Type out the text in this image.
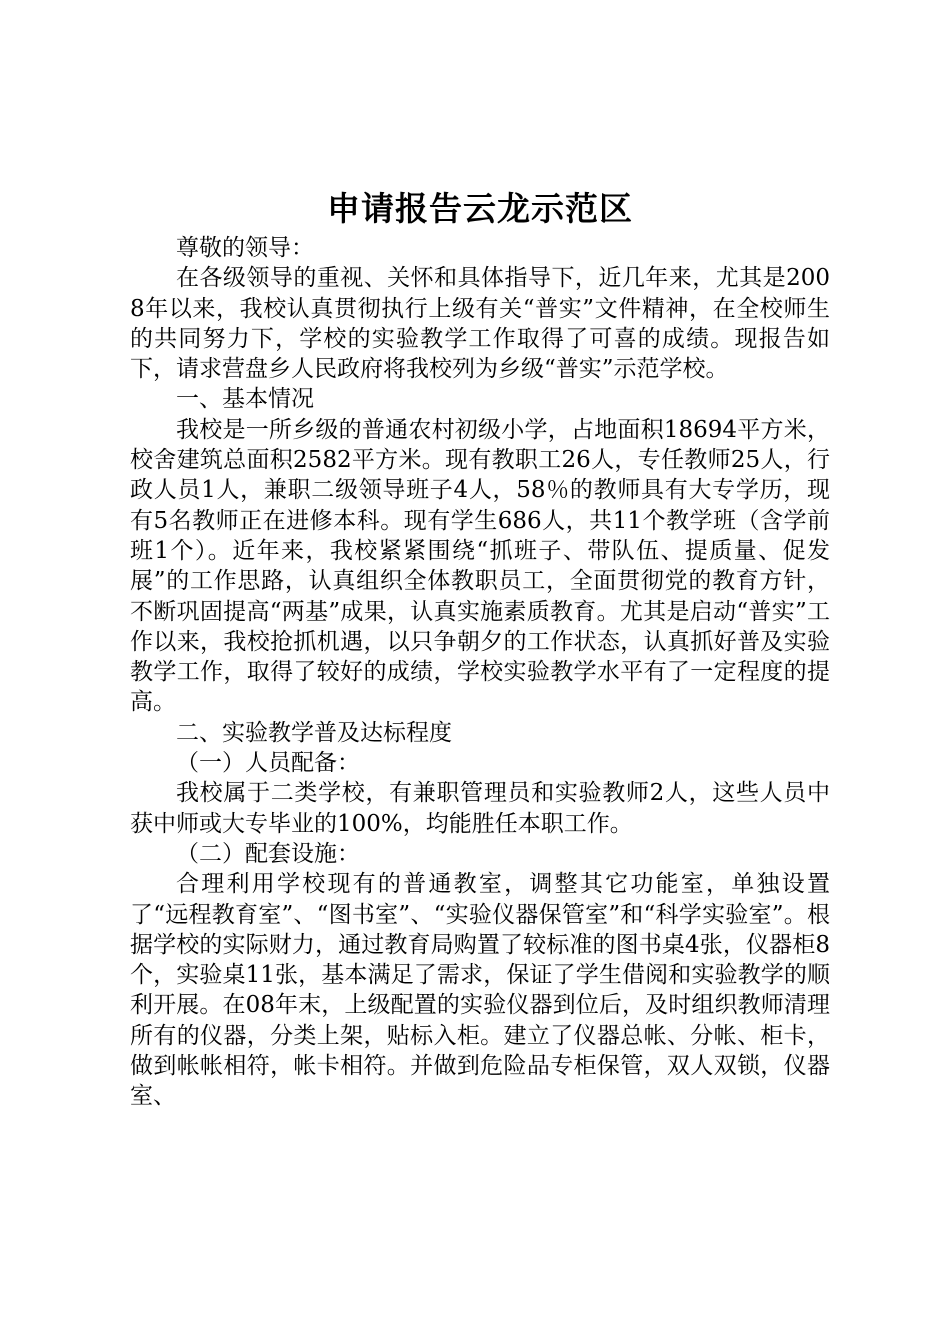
申请报告云龙示范区

尊敬的领导：

在各级领导的重视、关怀和具体指导下，近几年来，尤其是2008年以来，我校认真贯彻执行上级有关“普实”文件精神，在全校师生的共同努力下，学校的实验教学工作取得了可喜的成绩。现报告如下，请求营盘乡人民政府将我校列为乡级“普实”示范学校。

一、基本情况

我校是一所乡级的普通农村初级小学，占地面积18694平方米，校舍建筑总面积2582平方米。现有教职工26人，专任教师25人，行政人员1人，兼职二级领导班子4人，58％的教师具有大专学历，现有5名教师正在进修本科。现有学生686人，共11个教学班（含学前班1个）。近年来，我校紧紧围绕“抓班子、带队伍、提质量、促发展”的工作思路，认真组织全体教职员工，全面贯彻党的教育方针，不断巩固提高“两基”成果，认真实施素质教育。尤其是启动“普实”工作以来，我校抢抓机遇，以只争朝夕的工作状态，认真抓好普及实验教学工作，取得了较好的成绩，学校实验教学水平有了一定程度的提高。

二、实验教学普及达标程度

（一）人员配备：

我校属于二类学校，有兼职管理员和实验教师2人，这些人员中获中师或大专毕业的100%，均能胜任本职工作。

（二）配套设施：

合理利用学校现有的普通教室，调整其它功能室，单独设置了“远程教育室”、“图书室”、“实验仪器保管室”和“科学实验室”。根据学校的实际财力，通过教育局购置了较标准的图书桌4张，仪器柜8个，实验桌11张，基本满足了需求，保证了学生借阅和实验教学的顺利开展。在08年末，上级配置的实验仪器到位后，及时组织教师清理所有的仪器，分类上架，贴标入柜。建立了仪器总帐、分帐、柜卡，做到帐帐相符，帐卡相符。并做到危险品专柜保管，双人双锁，仪器室、
